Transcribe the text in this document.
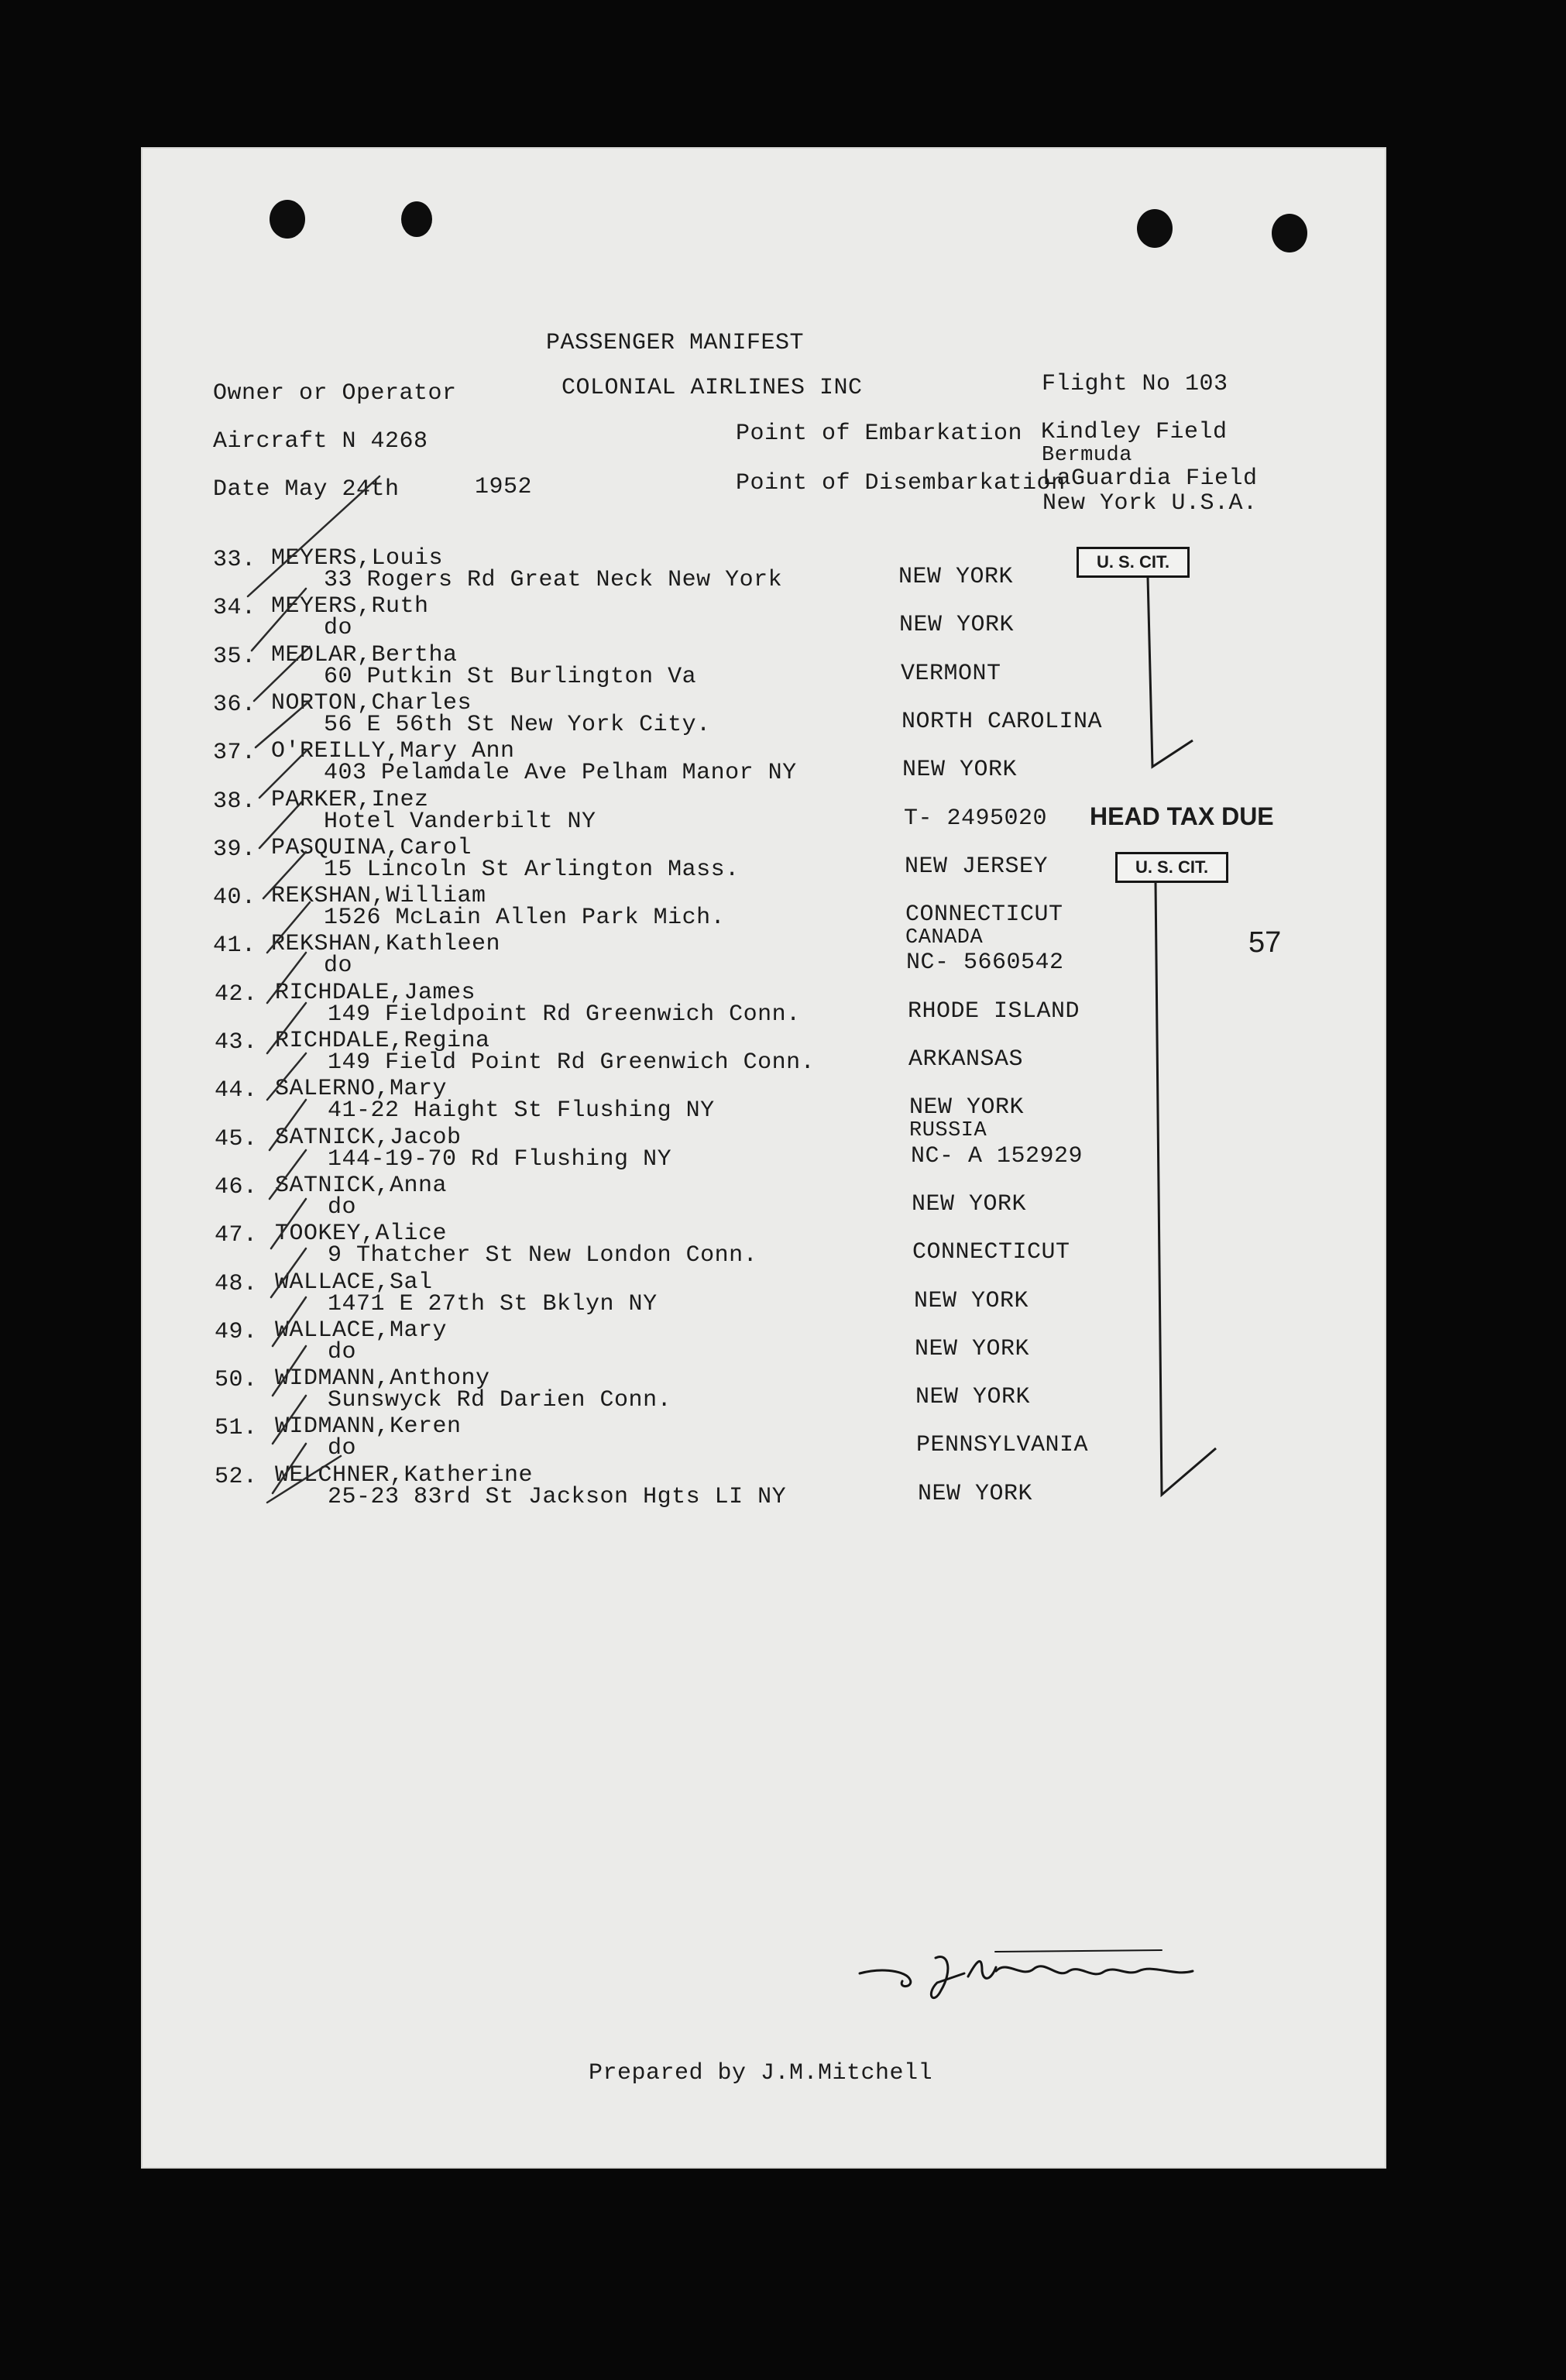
PASSENGER MANIFEST
Owner or Operator	COLONIAL AIRLINES INC	Flight No 103
Aircraft N 4268	Point of Embarkation Kindley Field
Bermuda
Date May 24th	1952	Point of Disembarkation
LaGuardia Field
New York U.S.A.
33. MEYERS,Louis
33 Rogers Rd Great Neck New York	NEW YORK
34. MEYERS,Ruth
do	NEW YORK
35. MEDLAR,Bertha
60 Putkin St Burlington Va	VERMONT
36. NORTON,Charles
56 E 56th St New York City.	NORTH CAROLINA
37. O'REILLY,Mary Ann
403 Pelamdale Ave Pelham Manor NY	NEW YORK
38. PARKER,Inez
Hotel Vanderbilt NY	T- 2495020
39. PASQUINA,Carol
15 Lincoln St Arlington Mass.	NEW JERSEY
40. REKSHAN,William
1526 McLain Allen Park Mich.	CONNECTICUT
CANADA
41. REKSHAN,Kathleen
do	NC- 5660542
42. RICHDALE,James
149 Fieldpoint Rd Greenwich Conn.	RHODE ISLAND
43. RICHDALE,Regina
149 Field Point Rd Greenwich Conn.	ARKANSAS
44. SALERNO,Mary
41-22 Haight St Flushing NY	NEW YORK
RUSSIA
45. SATNICK,Jacob
144-19-70 Rd Flushing NY	NC- A 152929
46. SATNICK,Anna
do	NEW YORK
47. TOOKEY,Alice
9 Thatcher St New London Conn.	CONNECTICUT
48. WALLACE,Sal
1471 E 27th St Bklyn NY	NEW YORK
49. WALLACE,Mary
do	NEW YORK
50. WIDMANN,Anthony
Sunswyck Rd Darien Conn.	NEW YORK
51. WIDMANN,Keren
do	PENNSYLVANIA
52. WELCHNER,Katherine
25-23 83rd St Jackson Hgts LI NY	NEW YORK
U. S. CIT.
HEAD TAX DUE
U. S. CIT.
57
Prepared by J.M.Mitchell
